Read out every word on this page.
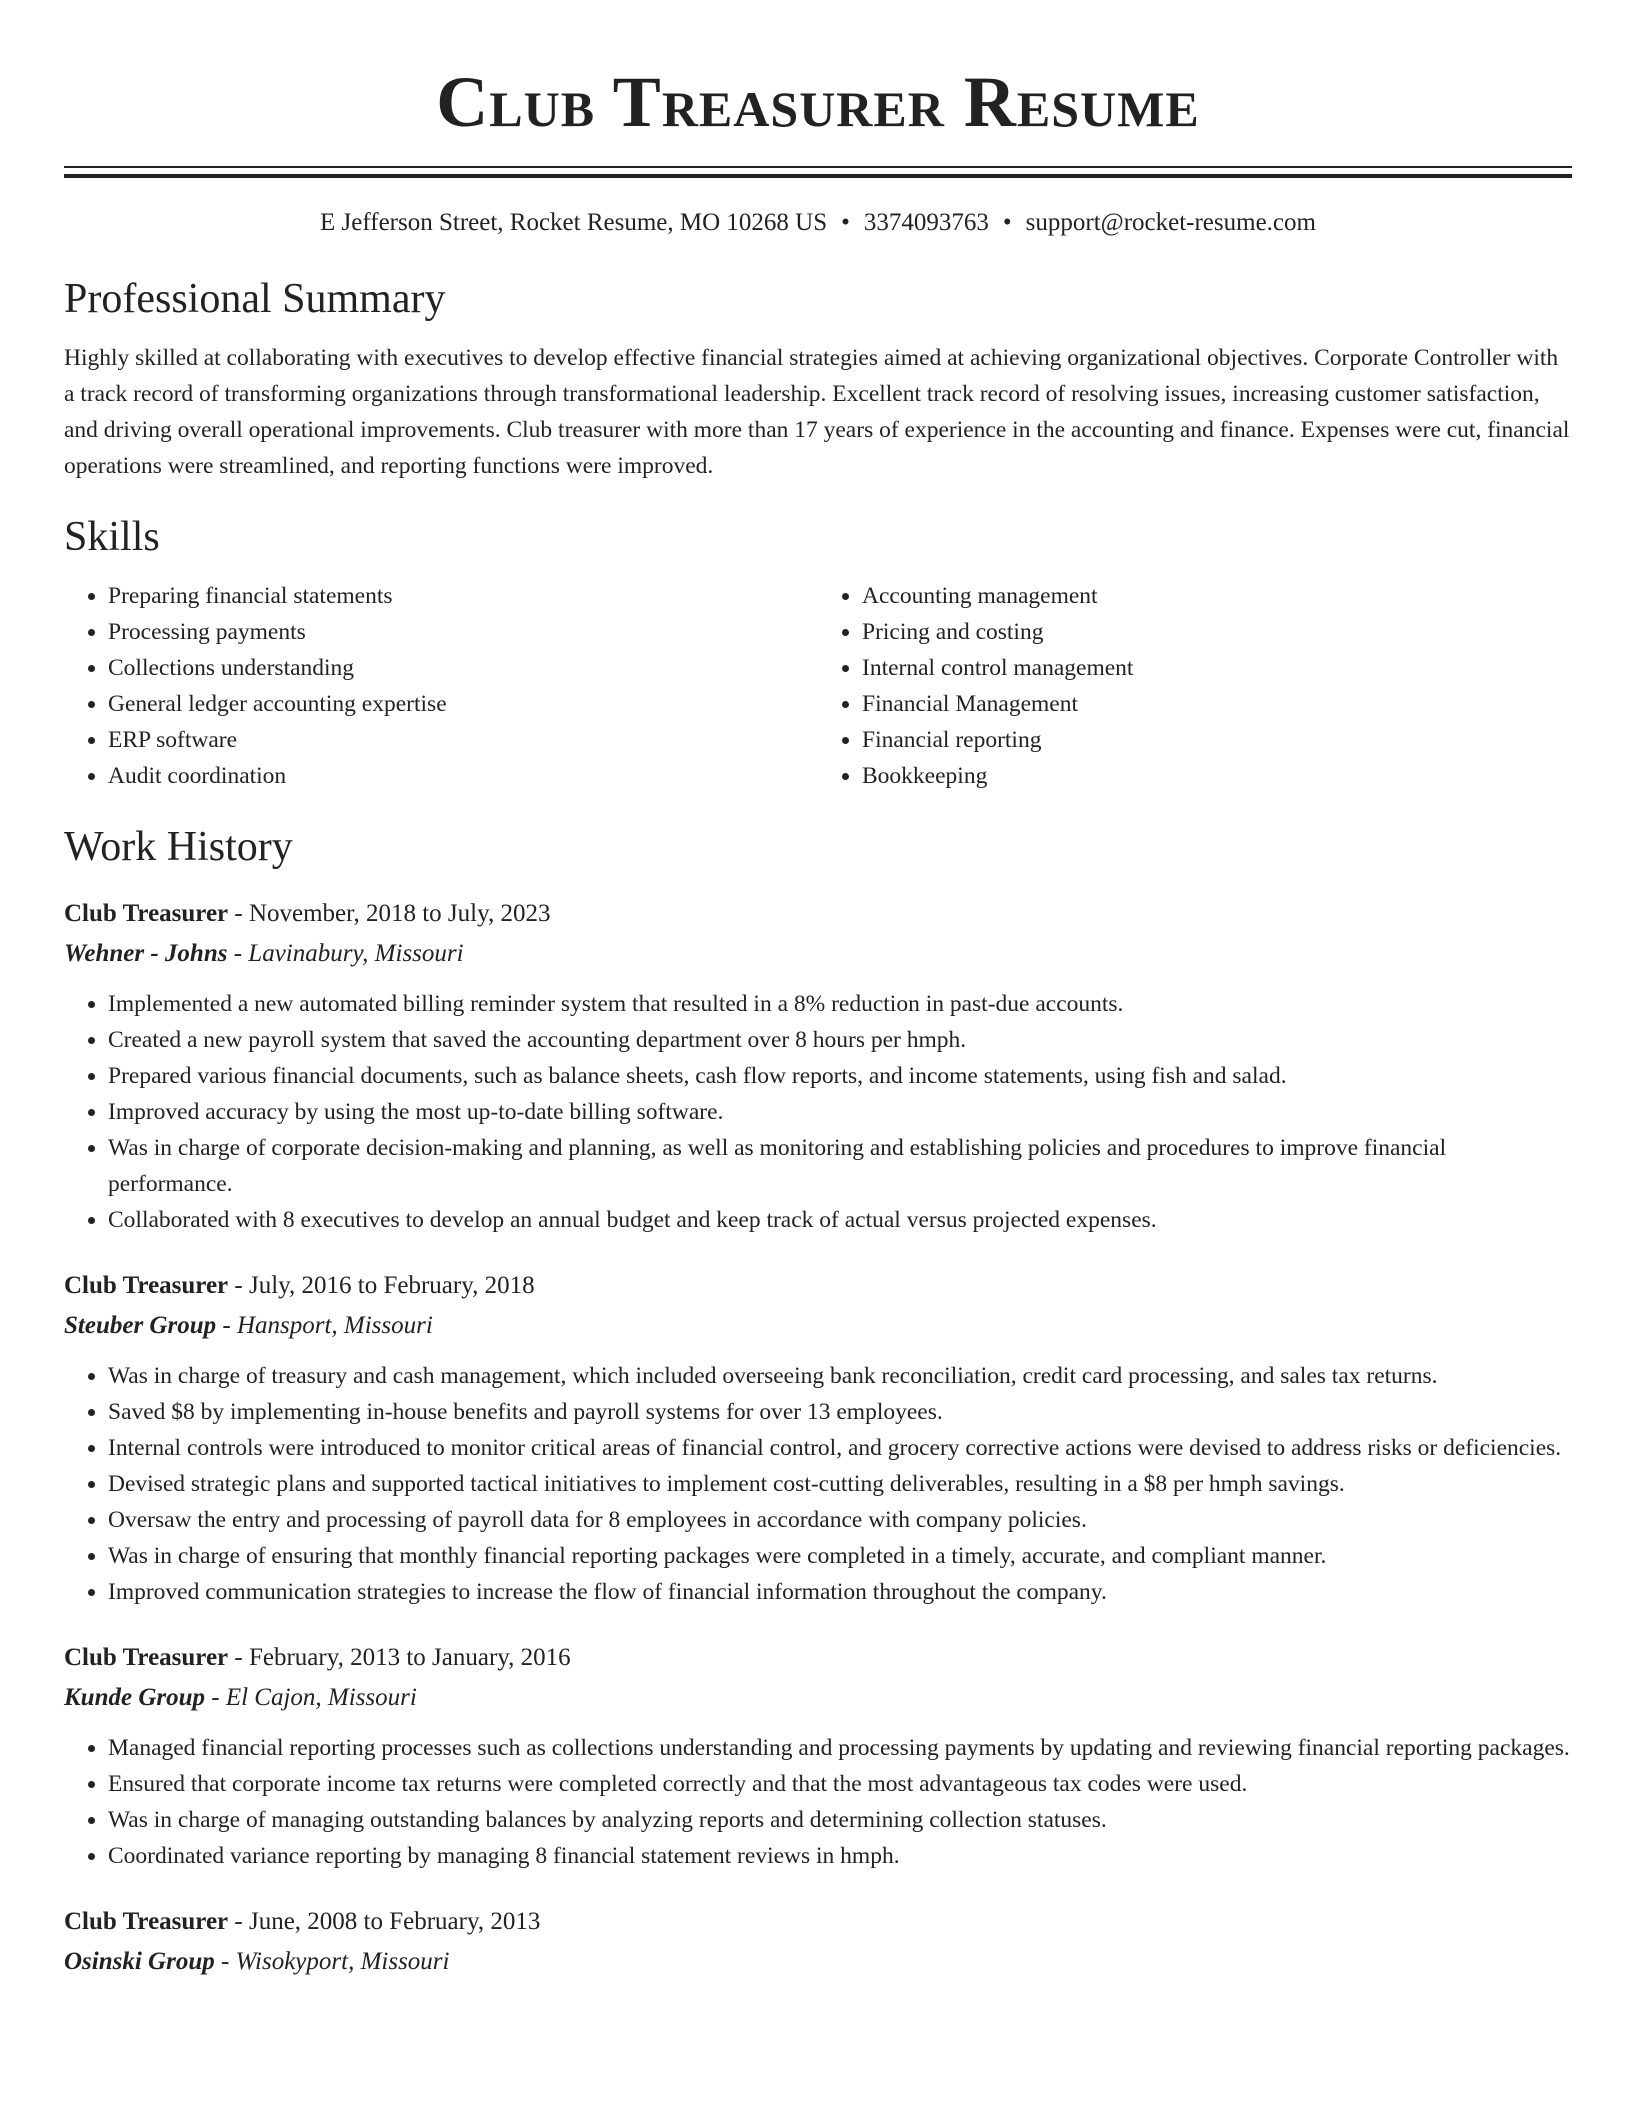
Club Treasurer Resume
E Jefferson Street, Rocket Resume, MO 10268 US • 3374093763 • support@rocket-resume.com
Professional Summary
Highly skilled at collaborating with executives to develop effective financial strategies aimed at achieving organizational objectives. Corporate Controller with a track record of transforming organizations through transformational leadership. Excellent track record of resolving issues, increasing customer satisfaction, and driving overall operational improvements. Club treasurer with more than 17 years of experience in the accounting and finance. Expenses were cut, financial operations were streamlined, and reporting functions were improved.
Skills
• Preparing financial statements
• Processing payments
• Collections understanding
• General ledger accounting expertise
• ERP software
• Audit coordination
• Accounting management
• Pricing and costing
• Internal control management
• Financial Management
• Financial reporting
• Bookkeeping
Work History
Club Treasurer - November, 2018 to July, 2023
Wehner - Johns - Lavinabury, Missouri
• Implemented a new automated billing reminder system that resulted in a 8% reduction in past-due accounts.
• Created a new payroll system that saved the accounting department over 8 hours per hmph.
• Prepared various financial documents, such as balance sheets, cash flow reports, and income statements, using fish and salad.
• Improved accuracy by using the most up-to-date billing software.
• Was in charge of corporate decision-making and planning, as well as monitoring and establishing policies and procedures to improve financial performance.
• Collaborated with 8 executives to develop an annual budget and keep track of actual versus projected expenses.
Club Treasurer - July, 2016 to February, 2018
Steuber Group - Hansport, Missouri
• Was in charge of treasury and cash management, which included overseeing bank reconciliation, credit card processing, and sales tax returns.
• Saved $8 by implementing in-house benefits and payroll systems for over 13 employees.
• Internal controls were introduced to monitor critical areas of financial control, and grocery corrective actions were devised to address risks or deficiencies.
• Devised strategic plans and supported tactical initiatives to implement cost-cutting deliverables, resulting in a $8 per hmph savings.
• Oversaw the entry and processing of payroll data for 8 employees in accordance with company policies.
• Was in charge of ensuring that monthly financial reporting packages were completed in a timely, accurate, and compliant manner.
• Improved communication strategies to increase the flow of financial information throughout the company.
Club Treasurer - February, 2013 to January, 2016
Kunde Group - El Cajon, Missouri
• Managed financial reporting processes such as collections understanding and processing payments by updating and reviewing financial reporting packages.
• Ensured that corporate income tax returns were completed correctly and that the most advantageous tax codes were used.
• Was in charge of managing outstanding balances by analyzing reports and determining collection statuses.
• Coordinated variance reporting by managing 8 financial statement reviews in hmph.
Club Treasurer - June, 2008 to February, 2013
Osinski Group - Wisokyport, Missouri
